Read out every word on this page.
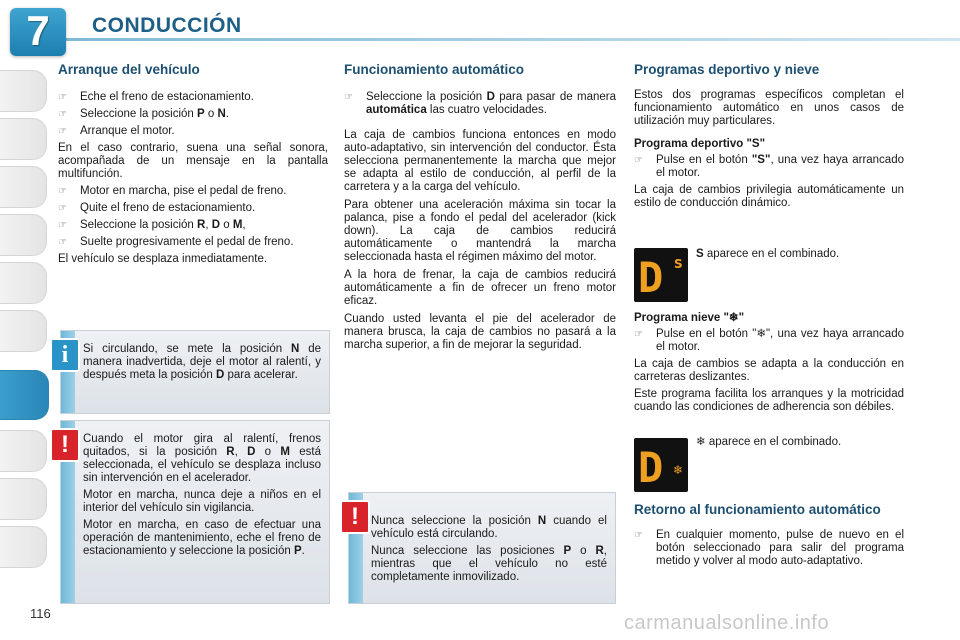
7	CONDUCCIÓN
Arranque del vehículo
☞ Eche el freno de estacionamiento.
☞ Seleccione la posición P o N.
☞ Arranque el motor.
En el caso contrario, suena una señal sonora, acompañada de un mensaje en la pantalla multifunción.
☞ Motor en marcha, pise el pedal de freno.
☞ Quite el freno de estacionamiento.
☞ Seleccione la posición R, D o M,
☞ Suelte progresivamente el pedal de freno.
El vehículo se desplaza inmediatamente.
Si circulando, se mete la posición N de manera inadvertida, deje el motor al ralentí, y después meta la posición D para acelerar.
i
Cuando el motor gira al ralentí, frenos quitados, si la posición R, D o M está seleccionada, el vehículo se desplaza incluso sin intervención en el acelerador.
Motor en marcha, nunca deje a niños en el interior del vehículo sin vigilancia.
Motor en marcha, en caso de efectuar una operación de mantenimiento, eche el freno de estacionamiento y seleccione la posición P.
!
Funcionamiento automático
☞ Seleccione la posición D para pasar de manera automática las cuatro velocidades.
La caja de cambios funciona entonces en modo auto-adaptativo, sin intervención del conductor. Ésta selecciona permanentemente la marcha que mejor se adapta al estilo de conducción, al perfil de la carretera y a la carga del vehículo.
Para obtener una aceleración máxima sin tocar la palanca, pise a fondo el pedal del acelerador (kick down). La caja de cambios reducirá automáticamente o mantendrá la marcha seleccionada hasta el régimen máximo del motor.
A la hora de frenar, la caja de cambios reducirá automáticamente a fin de ofrecer un freno motor eficaz.
Cuando usted levanta el pie del acelerador de manera brusca, la caja de cambios no pasará a la marcha superior, a fin de mejorar la seguridad.
Nunca seleccione la posición N cuando el vehículo está circulando.
Nunca seleccione las posiciones P o R, mientras que el vehículo no esté completamente inmovilizado.
!
Programas deportivo y nieve
Estos dos programas específicos completan el funcionamiento automático en unos casos de utilización muy particulares.
Programa deportivo "S"
☞ Pulse en el botón "S", una vez haya arrancado el motor.
La caja de cambios privilegia automáticamente un estilo de conducción dinámico.
D S
S aparece en el combinado.
Programa nieve "❄"
☞ Pulse en el botón "❄", una vez haya arrancado el motor.
La caja de cambios se adapta a la conducción en carreteras deslizantes.
Este programa facilita los arranques y la motricidad cuando las condiciones de adherencia son débiles.
D ❄
❄ aparece en el combinado.
Retorno al funcionamiento automático
☞ En cualquier momento, pulse de nuevo en el botón seleccionado para salir del programa metido y volver al modo auto-adaptativo.
116	carmanualsonline.info
